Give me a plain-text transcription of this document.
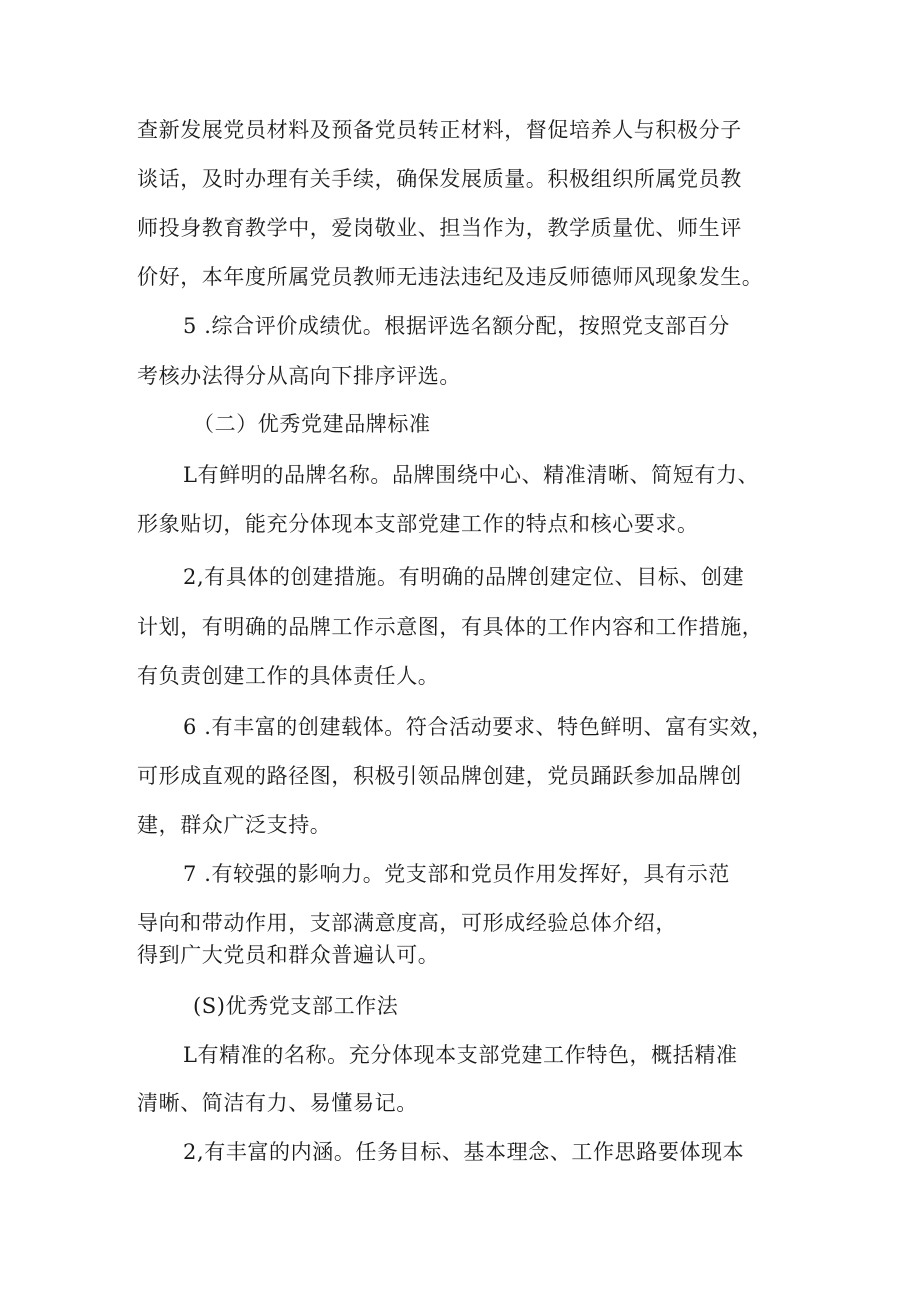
查新发展党员材料及预备党员转正材料，督促培养人与积极分子
谈话，及时办理有关手续，确保发展质量。积极组织所属党员教
师投身教育教学中，爱岗敬业、担当作为，教学质量优、师生评
价好，本年度所属党员教师无违法违纪及违反师德师风现象发生。
5 .综合评价成绩优。根据评选名额分配，按照党支部百分
考核办法得分从高向下排序评选。
（二）优秀党建品牌标准
L有鲜明的品牌名称。品牌围绕中心、精准清晰、简短有力、
形象贴切，能充分体现本支部党建工作的特点和核心要求。
2,有具体的创建措施。有明确的品牌创建定位、目标、创建
计划，有明确的品牌工作示意图，有具体的工作内容和工作措施，
有负责创建工作的具体责任人。
6 .有丰富的创建载体。符合活动要求、特色鲜明、富有实效，
可形成直观的路径图，积极引领品牌创建，党员踊跃参加品牌创
建，群众广泛支持。
7 .有较强的影响力。党支部和党员作用发挥好，具有示范
导向和带动作用，支部满意度高，可形成经验总体介绍，
得到广大党员和群众普遍认可。
(S)优秀党支部工作法
L有精准的名称。充分体现本支部党建工作特色，概括精准
清晰、简洁有力、易懂易记。
2,有丰富的内涵。任务目标、基本理念、工作思路要体现本
